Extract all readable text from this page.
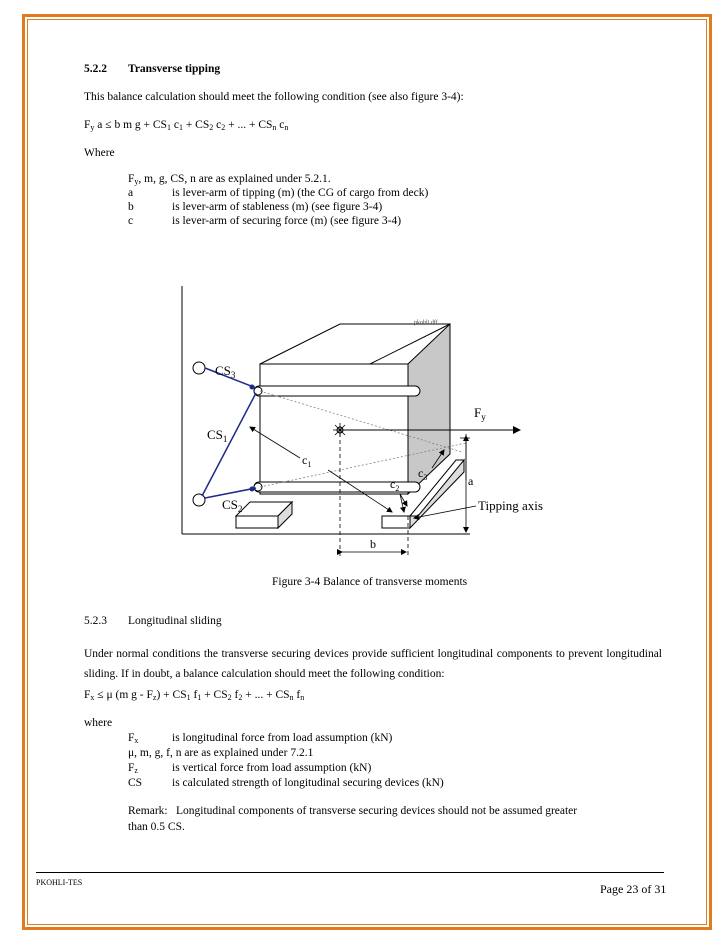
5.2.2 Transverse tipping
This balance calculation should meet the following condition (see also figure 3-4):
$F_y$ a ≤ b m $g + CS_1$ $c_1 + CS_2$ $c_2$ + ... + $CS_n$ $c_n$
Where
$F_y$, m, g, CS, n are as explained under 5.2.1.
a	is lever-arm of tipping (m) (the CG of cargo from deck)
b	is lever-arm of stableness (m) (see figure 3-4)
c	is lever-arm of securing force (m) (see figure 3-4)
pkohli dff
$CS_3$
$CS_1$
$CS_2$
$c_1$
$c_2$
$c_3$
$F_y$
a
Tipping axis
b
Figure 3-4 Balance of transverse moments
5.2.3 Longitudinal sliding
Under normal conditions the transverse securing devices provide sufficient longitudinal components to prevent longitudinal sliding. If in doubt, a balance calculation should meet the following condition:
$F_x \le \mu$ (m $g - F_z) + CS_1$ $f_1 + CS_2$ $f_2$ + ... + $CS_n$ $f_n$
where
$F_x$	is longitudinal force from load assumption (kN)
μ, m, g, f, n are as explained under 7.2.1
$F_z$	is vertical force from load assumption (kN)
CS	is calculated strength of longitudinal securing devices (kN)
Remark: Longitudinal components of transverse securing devices should not be assumed greater
than 0.5 CS.
PKOHLI-TES	Page 23 of 31
